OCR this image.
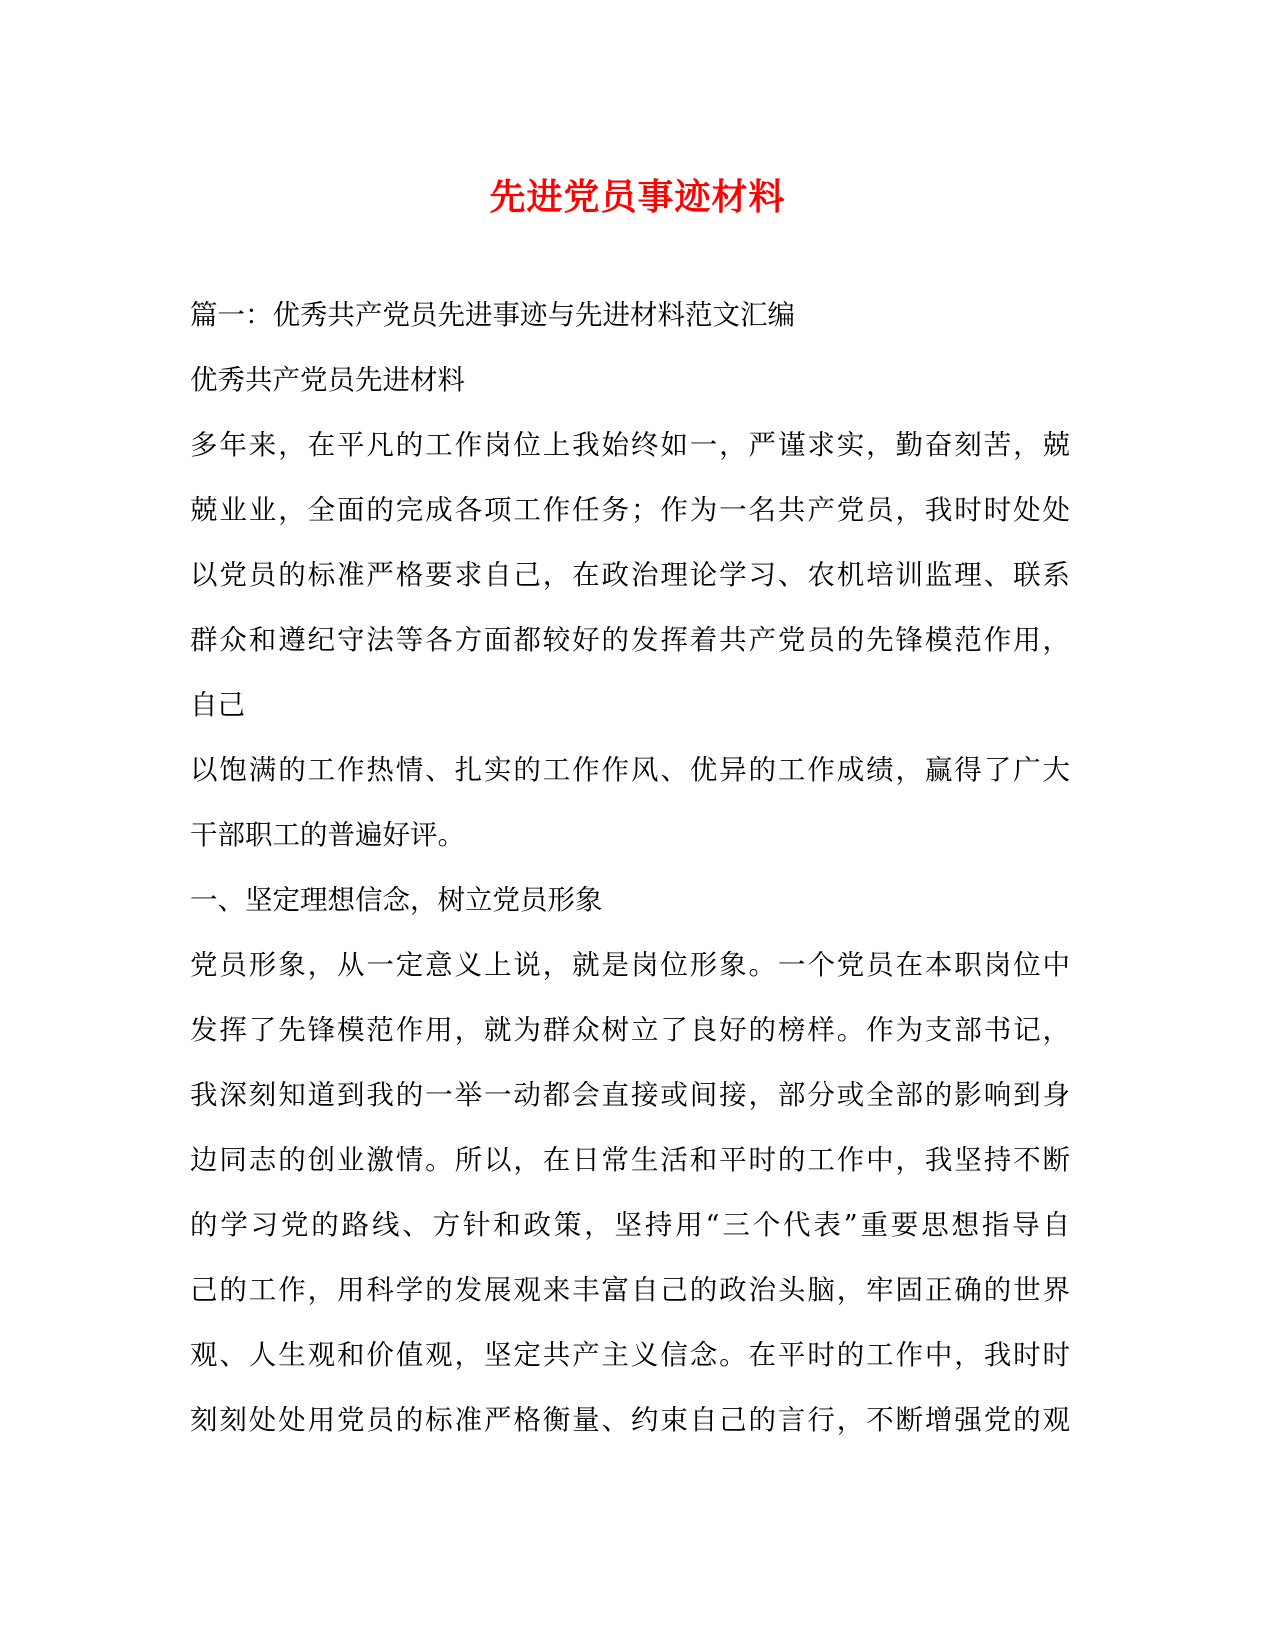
先进党员事迹材料
篇一：优秀共产党员先进事迹与先进材料范文汇编
优秀共产党员先进材料
多年来，在平凡的工作岗位上我始终如一，严谨求实，勤奋刻苦，兢
兢业业，全面的完成各项工作任务；作为一名共产党员，我时时处处
以党员的标准严格要求自己，在政治理论学习、农机培训监理、联系
群众和遵纪守法等各方面都较好的发挥着共产党员的先锋模范作用，
自己
以饱满的工作热情、扎实的工作作风、优异的工作成绩，赢得了广大
干部职工的普遍好评。
一、坚定理想信念，树立党员形象
党员形象，从一定意义上说，就是岗位形象。一个党员在本职岗位中
发挥了先锋模范作用，就为群众树立了良好的榜样。作为支部书记，
我深刻知道到我的一举一动都会直接或间接，部分或全部的影响到身
边同志的创业激情。所以，在日常生活和平时的工作中，我坚持不断
的学习党的路线、方针和政策，坚持用“三个代表”重要思想指导自
己的工作，用科学的发展观来丰富自己的政治头脑，牢固正确的世界
观、人生观和价值观，坚定共产主义信念。在平时的工作中，我时时
刻刻处处用党员的标准严格衡量、约束自己的言行，不断增强党的观
